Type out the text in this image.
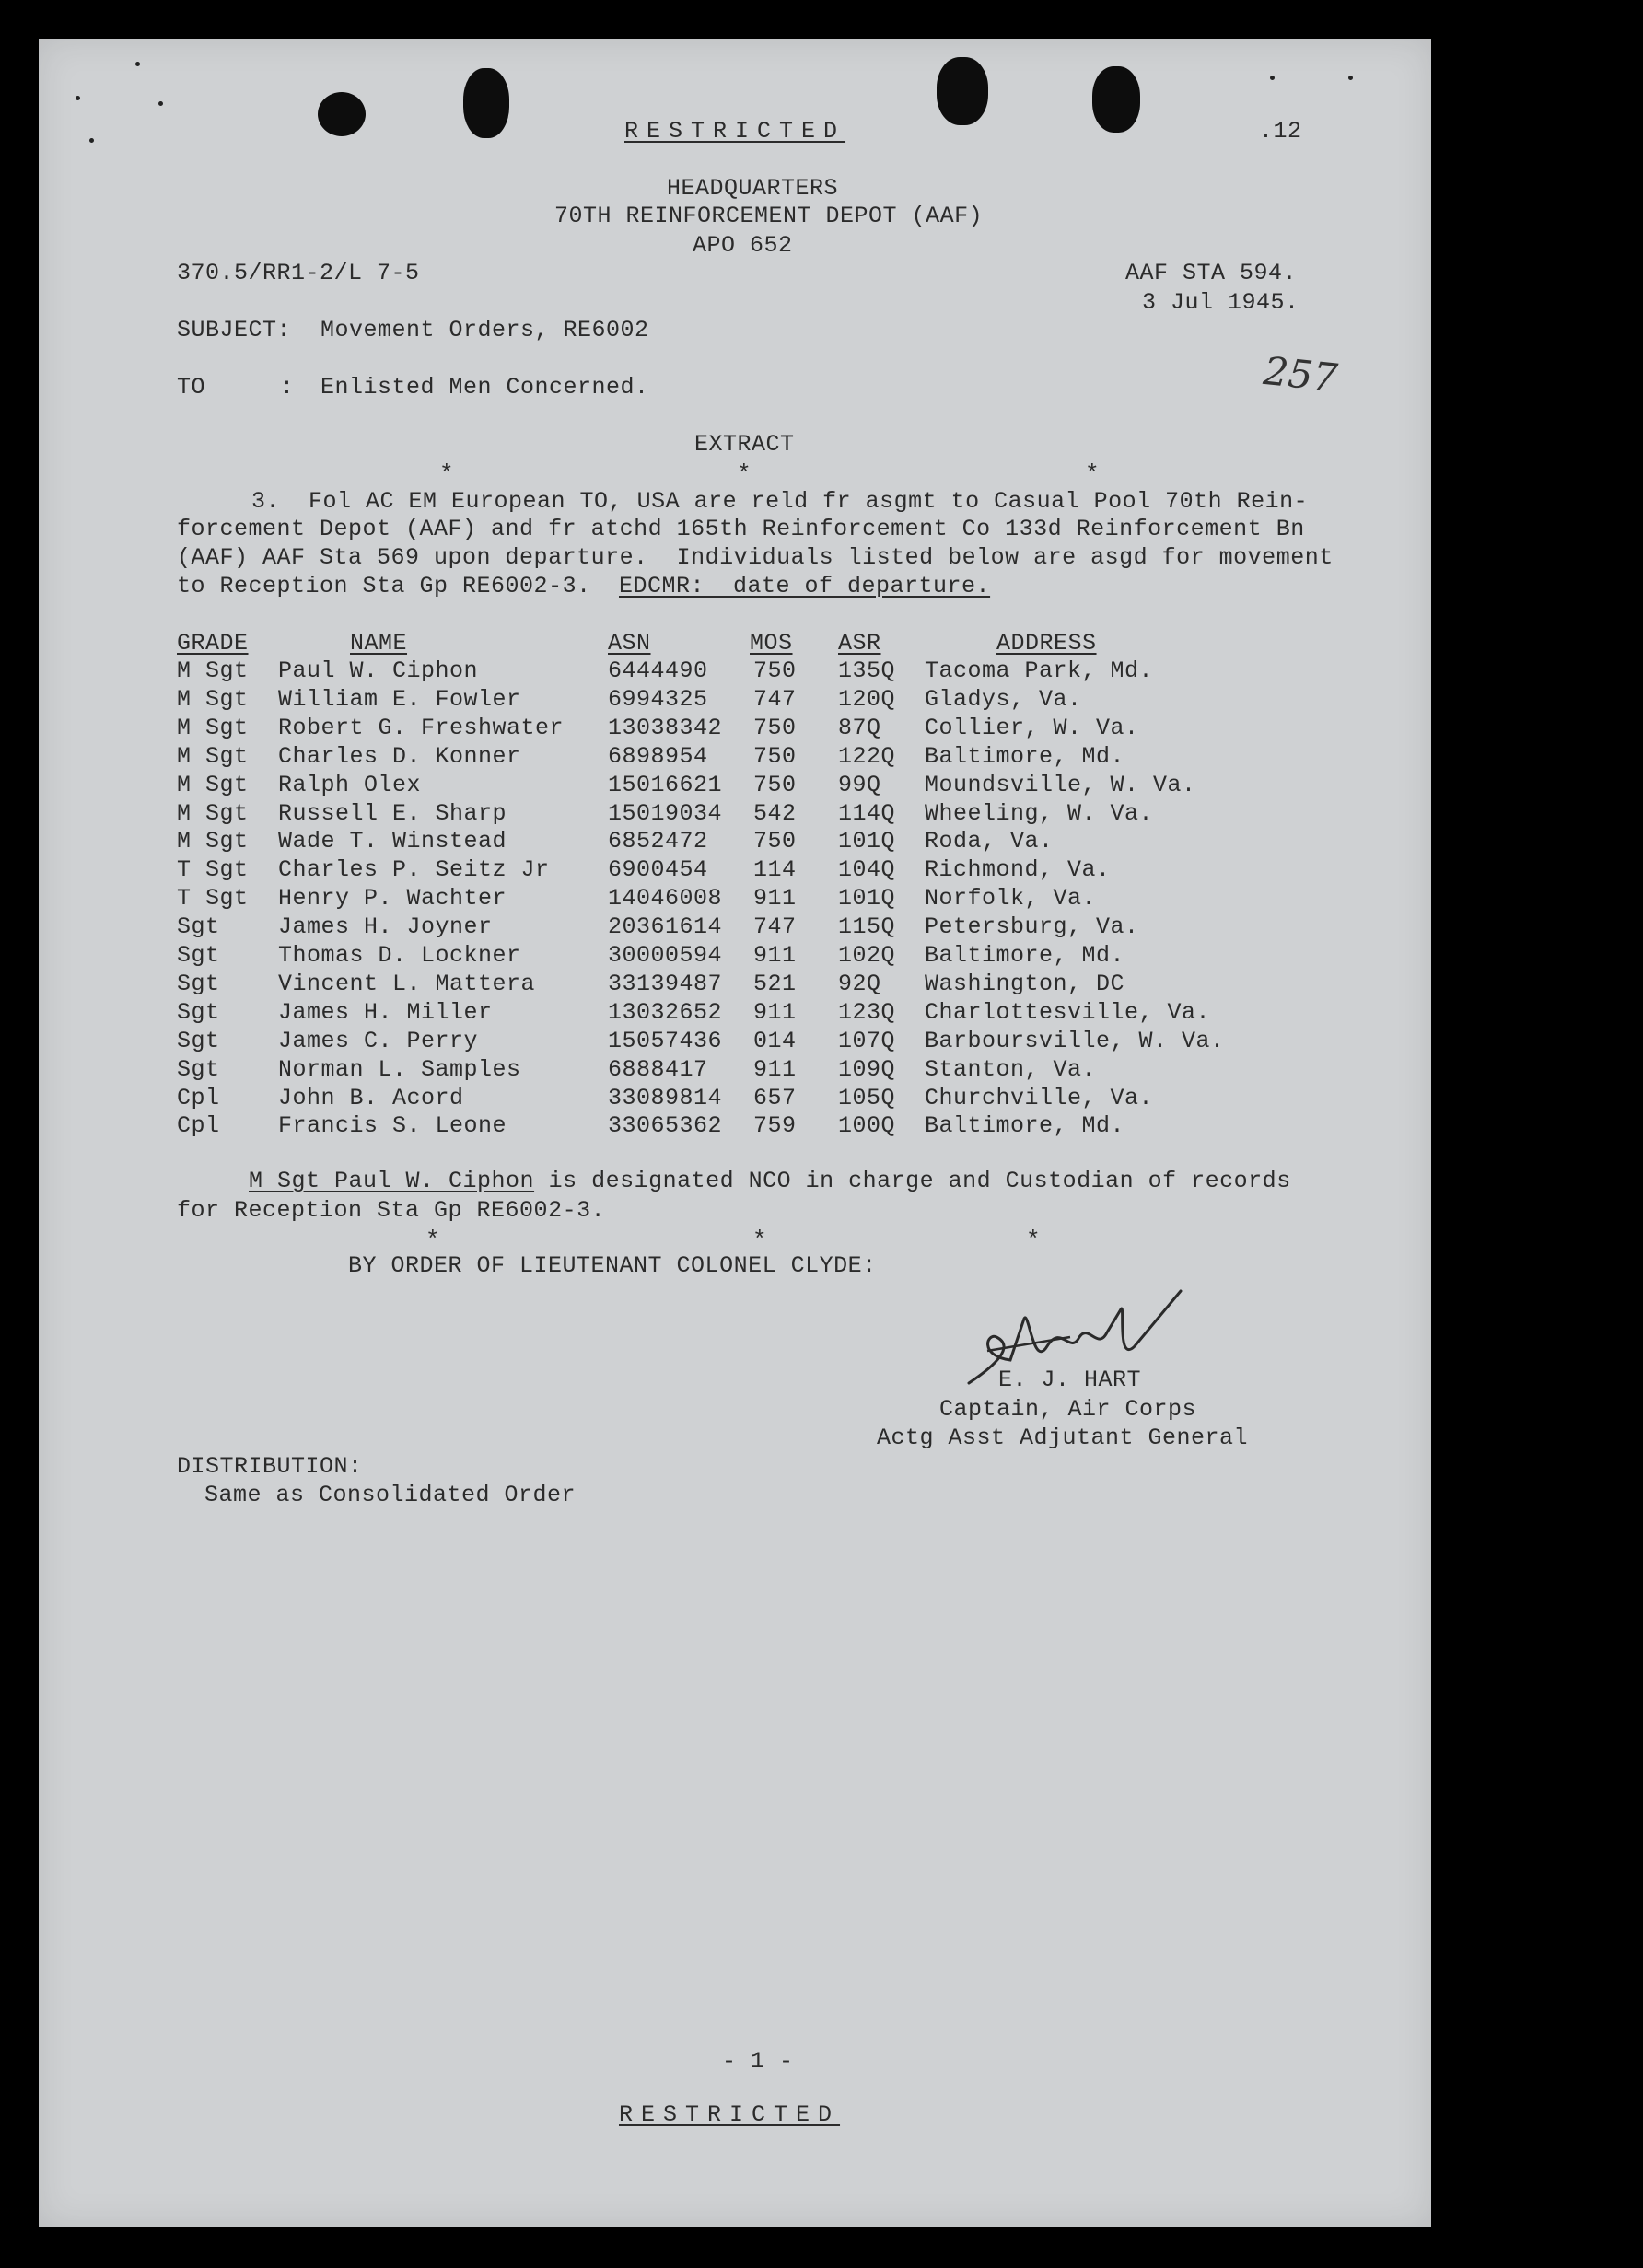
RESTRICTED	.12
HEADQUARTERS
70TH REINFORCEMENT DEPOT (AAF)
APO 652
370.5/RR1-2/L 7-5	AAF STA 594.
3 Jul 1945.
SUBJECT: Movement Orders, RE6002
TO	: Enlisted Men Concerned.	257
EXTRACT
*	*	*
3.  Fol AC EM European TO, USA are reld fr asgmt to Casual Pool 70th Rein-
forcement Depot (AAF) and fr atchd 165th Reinforcement Co 133d Reinforcement Bn
(AAF) AAF Sta 569 upon departure.  Individuals listed below are asgd for movement
to Reception Sta Gp RE6002-3. EDCMR:  date of departure.
GRADE	NAME	ASN	MOS ASR	ADDRESS
M Sgt Paul W. Ciphon	6444490 750 135Q Tacoma Park, Md.
M Sgt William E. Fowler	6994325 747 120Q Gladys, Va.
M Sgt Robert G. Freshwater 13038342 750 87Q Collier, W. Va.
M Sgt Charles D. Konner	6898954 750 122Q Baltimore, Md.
M Sgt Ralph Olex	15016621 750 99Q Moundsville, W. Va.
M Sgt Russell E. Sharp	15019034 542 114Q Wheeling, W. Va.
M Sgt Wade T. Winstead	6852472 750 101Q Roda, Va.
T Sgt Charles P. Seitz Jr	6900454 114 104Q Richmond, Va.
T Sgt Henry P. Wachter	14046008 911 101Q Norfolk, Va.
Sgt	James H. Joyner	20361614 747 115Q Petersburg, Va.
Sgt	Thomas D. Lockner	30000594 911 102Q Baltimore, Md.
Sgt	Vincent L. Mattera	33139487 521 92Q Washington, DC
Sgt	James H. Miller	13032652 911 123Q Charlottesville, Va.
Sgt	James C. Perry	15057436 014 107Q Barboursville, W. Va.
Sgt	Norman L. Samples	6888417 911 109Q Stanton, Va.
Cpl	John B. Acord	33089814 657 105Q Churchville, Va.
Cpl	Francis S. Leone	33065362 759 100Q Baltimore, Md.
M Sgt Paul W. Ciphon is designated NCO in charge and Custodian of records
for Reception Sta Gp RE6002-3.
*	*	*
BY ORDER OF LIEUTENANT COLONEL CLYDE:
E. J. HART
Captain, Air Corps
Actg Asst Adjutant General
DISTRIBUTION:
Same as Consolidated Order
- 1 -
RESTRICTED
